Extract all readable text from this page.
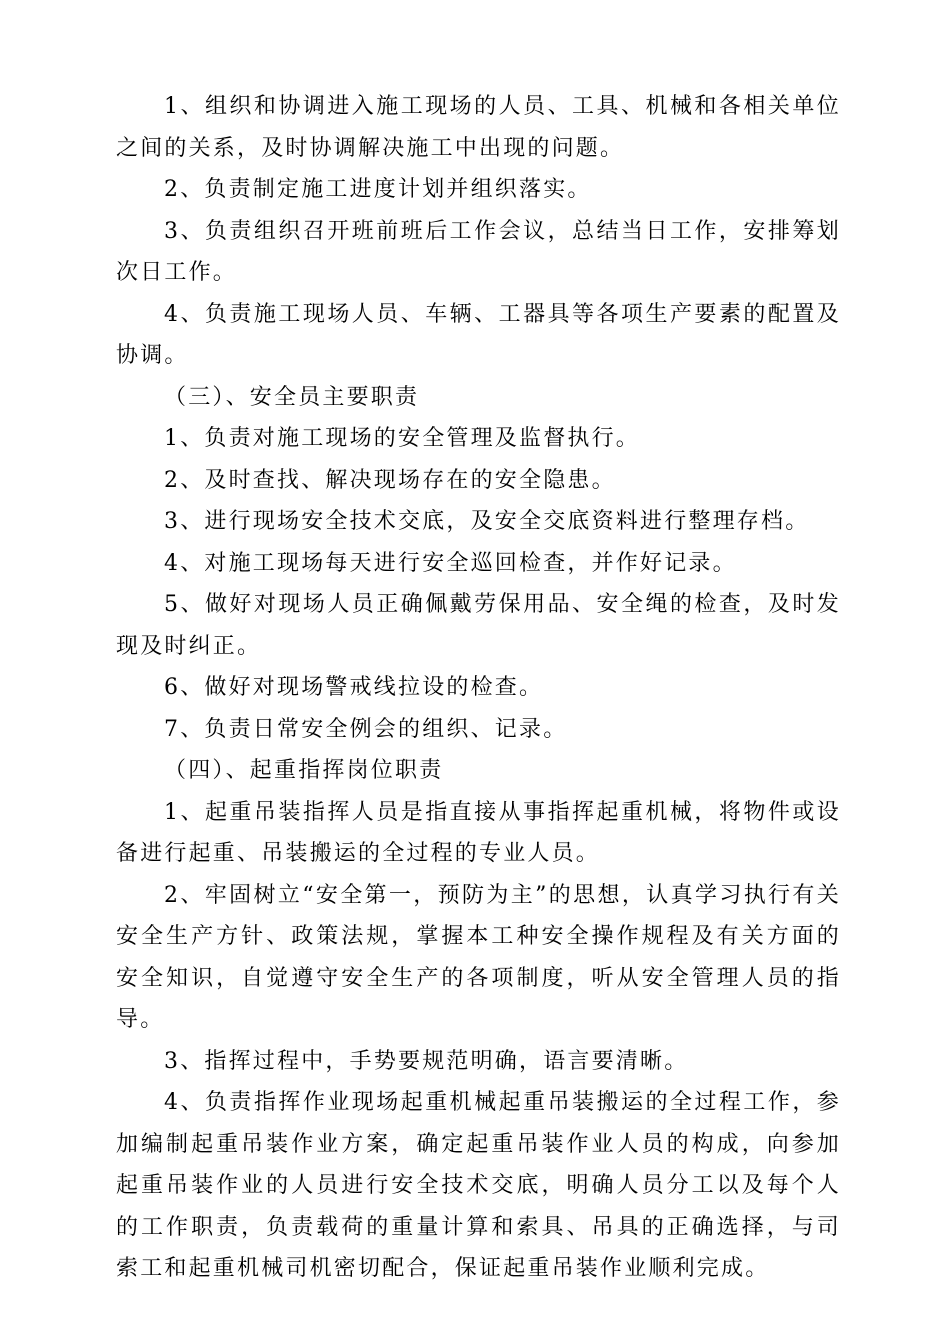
1、组织和协调进入施工现场的人员、工具、机械和各相关单位之间的关系，及时协调解决施工中出现的问题。

2、负责制定施工进度计划并组织落实。

3、负责组织召开班前班后工作会议，总结当日工作，安排筹划次日工作。

4、负责施工现场人员、车辆、工器具等各项生产要素的配置及协调。

（三）、安全员主要职责

1、负责对施工现场的安全管理及监督执行。

2、及时查找、解决现场存在的安全隐患。

3、进行现场安全技术交底，及安全交底资料进行整理存档。

4、对施工现场每天进行安全巡回检查，并作好记录。

5、做好对现场人员正确佩戴劳保用品、安全绳的检查，及时发现及时纠正。

6、做好对现场警戒线拉设的检查。

7、负责日常安全例会的组织、记录。

（四）、起重指挥岗位职责

1、起重吊装指挥人员是指直接从事指挥起重机械，将物件或设备进行起重、吊装搬运的全过程的专业人员。

2、牢固树立“安全第一，预防为主”的思想，认真学习执行有关安全生产方针、政策法规，掌握本工种安全操作规程及有关方面的安全知识，自觉遵守安全生产的各项制度，听从安全管理人员的指导。

3、指挥过程中，手势要规范明确，语言要清晰。

4、负责指挥作业现场起重机械起重吊装搬运的全过程工作，参加编制起重吊装作业方案，确定起重吊装作业人员的构成，向参加起重吊装作业的人员进行安全技术交底，明确人员分工以及每个人的工作职责，负责载荷的重量计算和索具、吊具的正确选择，与司索工和起重机械司机密切配合，保证起重吊装作业顺利完成。
